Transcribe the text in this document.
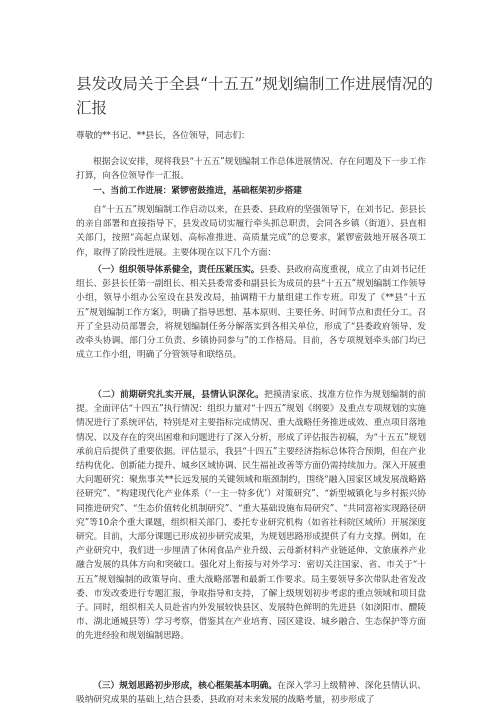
县发改局关于全县“十五五”规划编制工作进展情况的汇报
尊敬的**书记、**县长，各位领导，同志们：
根据会议安排，现将我县“十五五”规划编制工作总体进展情况、存在问题及下一步工作打算，向各位领导作一汇报。
一、当前工作进展：紧锣密鼓推进，基础框架初步搭建
自“十五五”规划编制工作启动以来，在县委、县政府的坚强领导下，在刘书记、彭县长的亲自部署和直接指导下，县发改局切实履行牵头抓总职责，会同各乡镇（街道）、县直相关部门，按照“高起点谋划、高标准推进、高质量完成”的总要求，紧锣密鼓地开展各项工作，取得了阶段性进展。主要体现在以下几个方面：
（一）组织领导体系健全，责任压紧压实。县委、县政府高度重视，成立了由刘书记任组长、彭县长任第一副组长、相关县委常委和副县长为成员的县“十五五”规划编制工作领导小组，领导小组办公室设在县发改局，抽调精干力量组建工作专班。印发了《**县“十五五”规划编制工作方案》，明确了指导思想、基本原则、主要任务、时间节点和责任分工。召开了全县动员部署会，将规划编制任务分解落实到各相关单位，形成了“县委政府领导、发改牵头协调、部门分工负责、乡镇协同参与”的工作格局。目前，各专项规划牵头部门均已成立工作小组，明确了分管领导和联络员。
（二）前期研究扎实开展，县情认识深化。把摸清家底、找准方位作为规划编制的前提。全面评估“十四五”执行情况：组织力量对“十四五”规划《纲要》及重点专项规划的实施情况进行了系统评估，特别是对主要指标完成情况、重大战略任务推进成效、重点项目落地情况、以及存在的突出困难和问题进行了深入分析，形成了评估报告初稿，为“十五五”规划承前启后提供了重要依据。评估显示，我县“十四五”主要经济指标总体符合预期，但在产业结构优化、创新能力提升、城乡区域协调、民生福祉改善等方面仍需持续加力。深入开展重大问题研究：聚焦事关**长远发展的关键领域和瓶颈制约，围绕“融入国家区域发展战略路径研究”、“构建现代化产业体系（‘一主一特多优’）对策研究”、“新型城镇化与乡村振兴协同推进研究”、“生态价值转化机制研究”、“重大基础设施布局研究”、“共同富裕实现路径研究”等10余个重大课题，组织相关部门、委托专业研究机构（如省社科院区域所）开展深度研究。目前，大部分课题已形成初步研究成果，为规划思路形成提供了有力支撑。例如，在产业研究中，我们进一步厘清了休闲食品产业升级、云母新材料产业链延伸、文旅康养产业融合发展的具体方向和突破口。强化对上衔接与对外学习：密切关注国家、省、市关于“十五五”规划编制的政策导向、重大战略部署和最新工作要求。局主要领导多次带队赴省发改委、市发改委进行专题汇报，争取指导和支持，了解上级规划初步考虑的重点领域和项目盘子。同时，组织相关人员赴省内外发展较快县区、发展特色鲜明的先进县（如浏阳市、醴陵市、湖北通城县等）学习考察，借鉴其在产业培育、园区建设、城乡融合、生态保护等方面的先进经验和规划编制思路。
（三）规划思路初步形成，核心框架基本明确。在深入学习上级精神、深化县情认识、吸纳研究成果的基础上,结合县委、县政府对未来发展的战略考量，初步形成了
